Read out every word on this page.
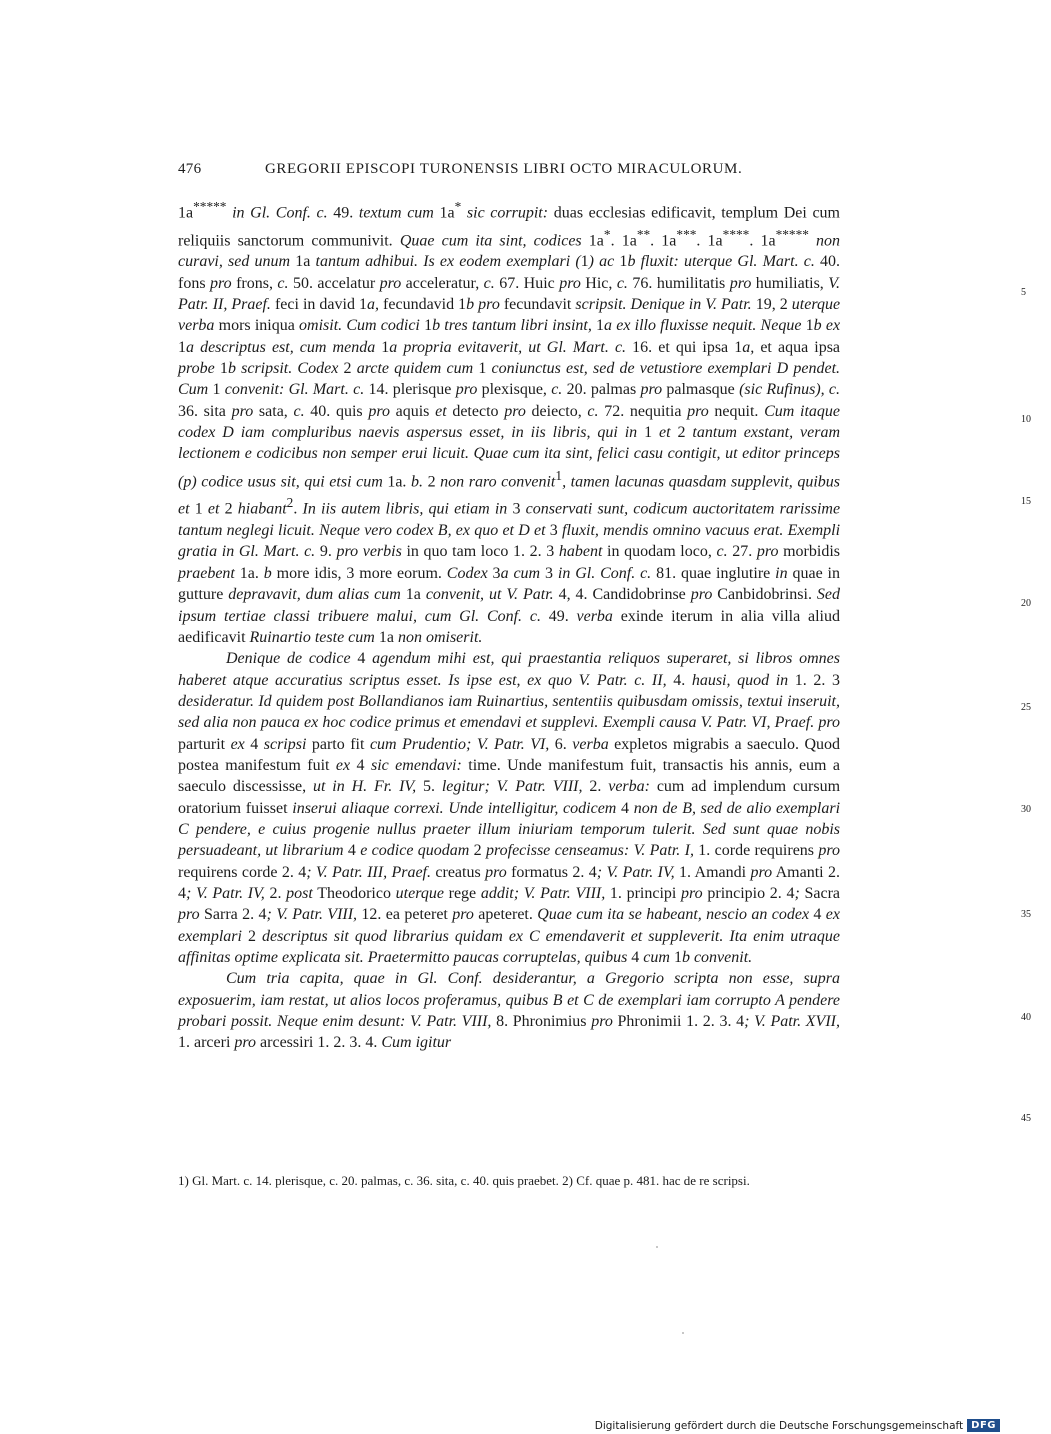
476	GREGORII EPISCOPI TURONENSIS LIBRI OCTO MIRACULORUM.

1a***** in Gl. Conf. c. 49. textum cum 1a* sic corrupit: duas ecclesias edificavit, templum Dei cum reliquiis sanctorum communivit. Quae cum ita sint, codices 1a*. 1a**. 1a***. 1a****. 1a***** non curavi, sed unum 1a tantum adhibui. Is ex eodem exemplari (1) ac 1b fluxit: uterque Gl. Mart. c. 40. fons pro frons, c. 50. accelatur pro acceleratur, c. 67. Huic pro Hic, c. 76. humilitatis pro humiliatis, V. Patr. II, Praef. feci in david 1a, fecundavid 1b pro fecundavit scripsit. Denique in V. Patr. 19, 2 uterque verba mors iniqua omisit. Cum codici 1b tres tantum libri insint, 1a ex illo fluxisse nequit. Neque 1b ex 1a descriptus est, cum menda 1a propria evitaverit, ut Gl. Mart. c. 16. et qui ipsa 1a, et aqua ipsa probe 1b scripsit. Codex 2 arcte quidem cum 1 coniunctus est, sed de vetustiore exemplari D pendet. Cum 1 convenit: Gl. Mart. c. 14. plerisque pro plexisque, c. 20. palmas pro palmasque (sic Rufinus), c. 36. sita pro sata, c. 40. quis pro aquis et detecto pro deiecto, c. 72. nequitia pro nequit. Cum itaque codex D iam compluribus naevis aspersus esset, in iis libris, qui in 1 et 2 tantum exstant, veram lectionem e codicibus non semper erui licuit. Quae cum ita sint, felici casu contigit, ut editor princeps (p) codice usus sit, qui etsi cum 1a. b. 2 non raro convenit$^1$, tamen lacunas quasdam supplevit, quibus et 1 et 2 hiabant$^2$. In iis autem libris, qui etiam in 3 conservati sunt, codicum auctoritatem rarissime tantum neglegi licuit. Neque vero codex B, ex quo et D et 3 fluxit, mendis omnino vacuus erat. Exempli gratia in Gl. Mart. c. 9. pro verbis in quo tam loco 1. 2. 3 habent in quodam loco, c. 27. pro morbidis praebent 1a. b more idis, 3 more eorum. Codex 3a cum 3 in Gl. Conf. c. 81. quae inglutire in quae in gutture depravavit, dum alias cum 1a convenit, ut V. Patr. 4, 4. Candidobrinse pro Canbidobrinsi. Sed ipsum tertiae classi tribuere malui, cum Gl. Conf. c. 49. verba exinde iterum in alia villa aliud aedificavit Ruinartio teste cum 1a non omiserit.

Denique de codice 4 agendum mihi est, qui praestantia reliquos superaret, si libros omnes haberet atque accuratius scriptus esset. Is ipse est, ex quo V. Patr. c. II, 4. hausi, quod in 1. 2. 3 desideratur. Id quidem post Bollandianos iam Ruinartius, sententiis quibusdam omissis, textui inseruit, sed alia non pauca ex hoc codice primus et emendavi et supplevi. Exempli causa V. Patr. VI, Praef. pro parturit ex 4 scripsi parto fit cum Prudentio; V. Patr. VI, 6. verba expletos migrabis a saeculo. Quod postea manifestum fuit ex 4 sic emendavi: time. Unde manifestum fuit, transactis his annis, eum a saeculo discessisse, ut in H. Fr. IV, 5. legitur; V. Patr. VIII, 2. verba: cum ad implendum cursum oratorium fuisset inserui aliaque correxi. Unde intelligitur, codicem 4 non de B, sed de alio exemplari C pendere, e cuius progenie nullus praeter illum iniuriam temporum tulerit. Sed sunt quae nobis persuadeant, ut librarium 4 e codice quodam 2 profecisse censeamus: V. Patr. I, 1. corde requirens pro requirens corde 2. 4; V. Patr. III, Praef. creatus pro formatus 2. 4; V. Patr. IV, 1. Amandi pro Amanti 2. 4; V. Patr. IV, 2. post Theodorico uterque rege addit; V. Patr. VIII, 1. principi pro principio 2. 4; Sacra pro Sarra 2. 4; V. Patr. VIII, 12. ea peteret pro apeteret. Quae cum ita se habeant, nescio an codex 4 ex exemplari 2 descriptus sit quod librarius quidam ex C emendaverit et suppleverit. Ita enim utraque affinitas optime explicata sit. Praetermitto paucas corruptelas, quibus 4 cum 1b convenit.

Cum tria capita, quae in Gl. Conf. desiderantur, a Gregorio scripta non esse, supra exposuerim, iam restat, ut alios locos proferamus, quibus B et C de exemplari iam corrupto A pendere probari possit. Neque enim desunt: V. Patr. VIII, 8. Phronimius pro Phronimii 1. 2. 3. 4; V. Patr. XVII, 1. arceri pro arcessiri 1. 2. 3. 4. Cum igitur

5
10
15
20
25
30
35
40
45
1) Gl. Mart. c. 14. plerisque, c. 20. palmas, c. 36. sita, c. 40. quis praebet. 2) Cf. quae p. 481. hac de re scripsi.
Digitalisierung gefördert durch die Deutsche Forschungsgemeinschaft DFG
